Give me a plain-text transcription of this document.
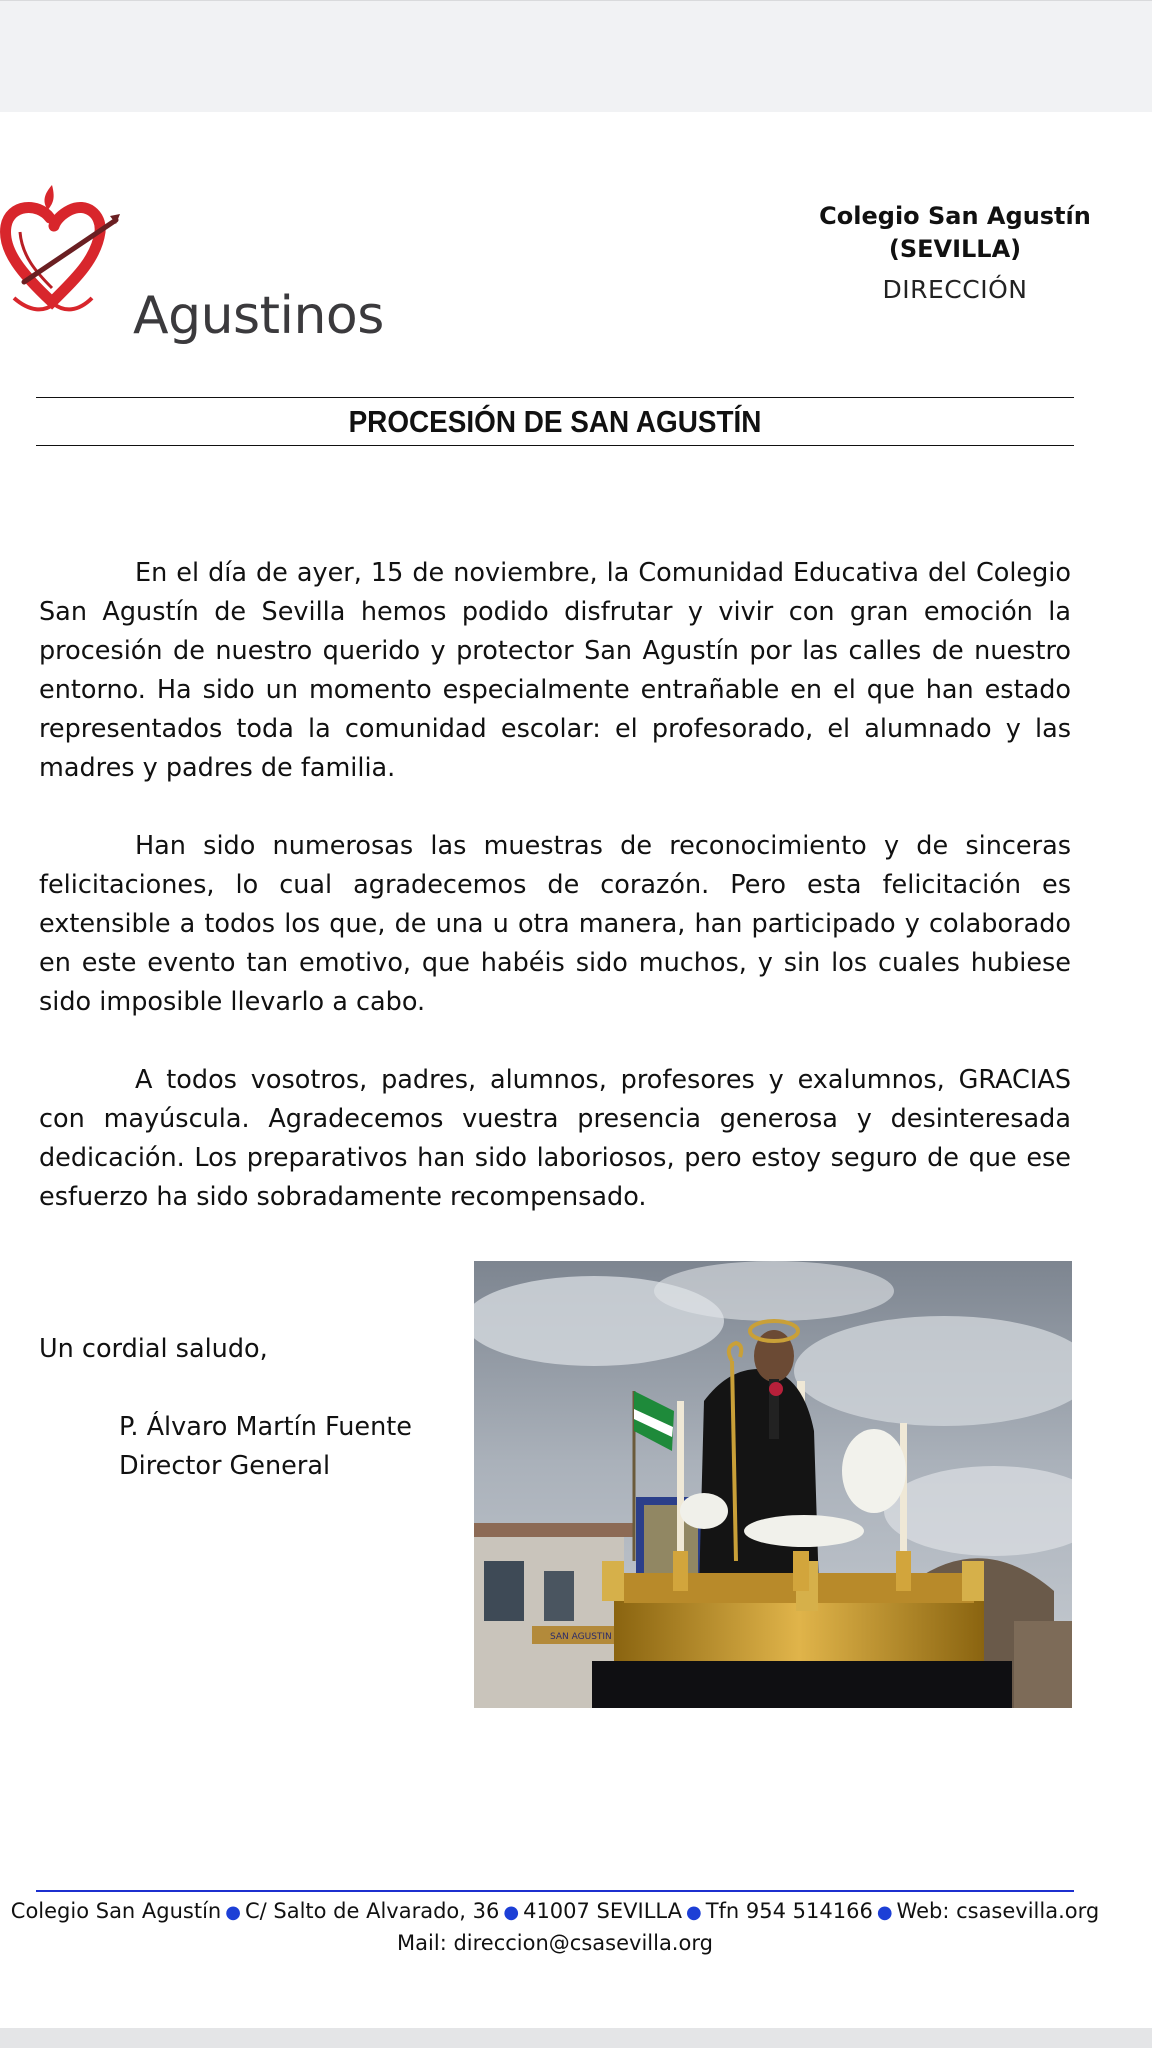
Agustinos
Colegio San Agustín
(SEVILLA)
DIRECCIÓN
PROCESIÓN DE SAN AGUSTÍN

En el día de ayer, 15 de noviembre, la Comunidad Educativa del Colegio San Agustín de Sevilla hemos podido disfrutar y vivir con gran emoción la procesión de nuestro querido y protector San Agustín por las calles de nuestro entorno. Ha sido un momento especialmente entrañable en el que han estado representados toda la comunidad escolar: el profesorado, el alumnado y las madres y padres de familia.

Han sido numerosas las muestras de reconocimiento y de sinceras felicitaciones, lo cual agradecemos de corazón. Pero esta felicitación es extensible a todos los que, de una u otra manera, han participado y colaborado en este evento tan emotivo, que habéis sido muchos, y sin los cuales hubiese sido imposible llevarlo a cabo.

A todos vosotros, padres, alumnos, profesores y exalumnos, GRACIAS con mayúscula. Agradecemos vuestra presencia generosa y desinteresada dedicación. Los preparativos han sido laboriosos, pero estoy seguro de que ese esfuerzo ha sido sobradamente recompensado.

Un cordial saludo,
P. Álvaro Martín Fuente
Director General
SAN AGUSTIN
Colegio San Agustín ● C/ Salto de Alvarado, 36 ● 41007 SEVILLA ● Tfn 954 514166 ● Web: csasevilla.org
Mail: direccion@csasevilla.org
